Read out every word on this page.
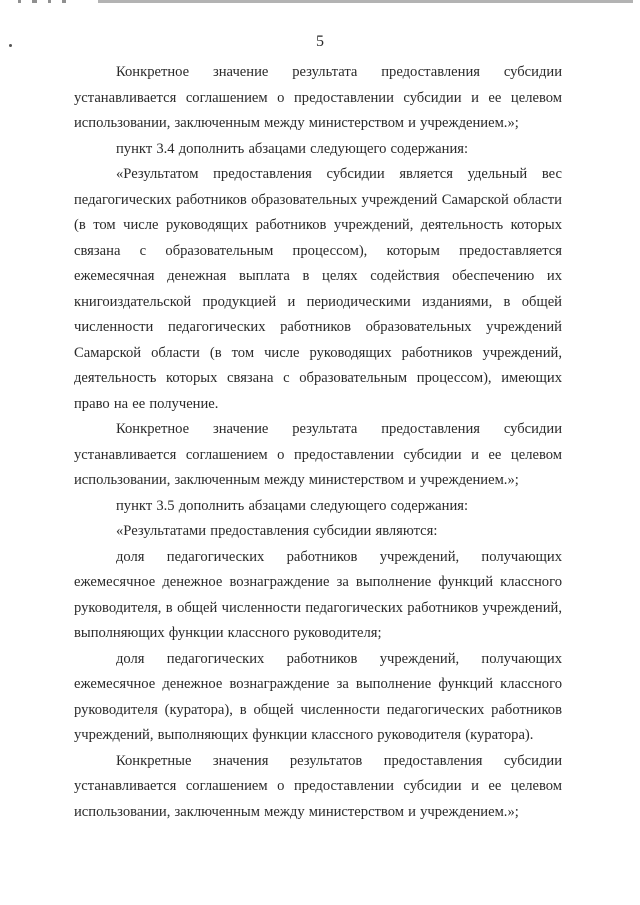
5

Конкретное значение результата предоставления субсидии устанавливается соглашением о предоставлении субсидии и ее целевом использовании, заключенным между министерством и учреждением.»;

пункт 3.4 дополнить абзацами следующего содержания:

«Результатом предоставления субсидии является удельный вес педагогических работников образовательных учреждений Самарской области (в том числе руководящих работников учреждений, деятельность которых связана с образовательным процессом), которым предоставляется ежемесячная денежная выплата в целях содействия обеспечению их книгоиздательской продукцией и периодическими изданиями, в общей численности педагогических работников образовательных учреждений Самарской области (в том числе руководящих работников учреждений, деятельность которых связана с образовательным процессом), имеющих право на ее получение.

Конкретное значение результата предоставления субсидии устанавливается соглашением о предоставлении субсидии и ее целевом использовании, заключенным между министерством и учреждением.»;

пункт 3.5 дополнить абзацами следующего содержания:

«Результатами предоставления субсидии являются:

доля педагогических работников учреждений, получающих ежемесячное денежное вознаграждение за выполнение функций классного руководителя, в общей численности педагогических работников учреждений, выполняющих функции классного руководителя;

доля педагогических работников учреждений, получающих ежемесячное денежное вознаграждение за выполнение функций классного руководителя (куратора), в общей численности педагогических работников учреждений, выполняющих функции классного руководителя (куратора).

Конкретные значения результатов предоставления субсидии устанавливается соглашением о предоставлении субсидии и ее целевом использовании, заключенным между министерством и учреждением.»;
